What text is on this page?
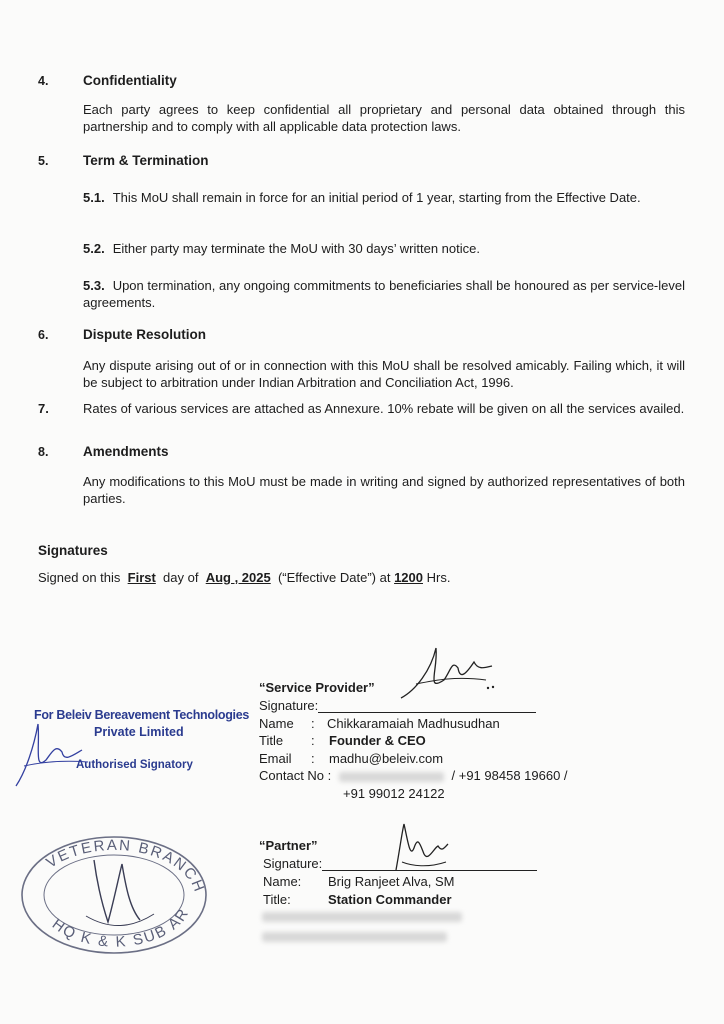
4.	Confidentiality
Each party agrees to keep confidential all proprietary and personal data obtained through this partnership and to comply with all applicable data protection laws.
5.	Term & Termination
5.1. This MoU shall remain in force for an initial period of 1 year, starting from the Effective Date.
5.2. Either party may terminate the MoU with 30 days’ written notice.
5.3. Upon termination, any ongoing commitments to beneficiaries shall be honoured as per service-level agreements.
6.	Dispute Resolution
Any dispute arising out of or in connection with this MoU shall be resolved amicably. Failing which, it will be subject to arbitration under Indian Arbitration and Conciliation Act, 1996.
7.	Rates of various services are attached as Annexure. 10% rebate will be given on all the services availed.
8.	Amendments
Any modifications to this MoU must be made in writing and signed by authorized representatives of both parties.
Signatures
Signed on this First day of Aug , 2025 (“Effective Date”) at 1200 Hrs.
“Service Provider”
Signature:
Name : Chikkaramaiah Madhusudhan
Title : Founder & CEO
Email : madhu@beleiv.com
Contact No :	/ +91 98458 19660 /
+91 99012 24122
For Beleiv Bereavement Technologies
Private Limited
Authorised Signatory
“Partner”
Signature:
Name: Brig Ranjeet Alva, SM
Title:	Station Commander
VETERAN BRANCH
HQ K & K SUB AREA
